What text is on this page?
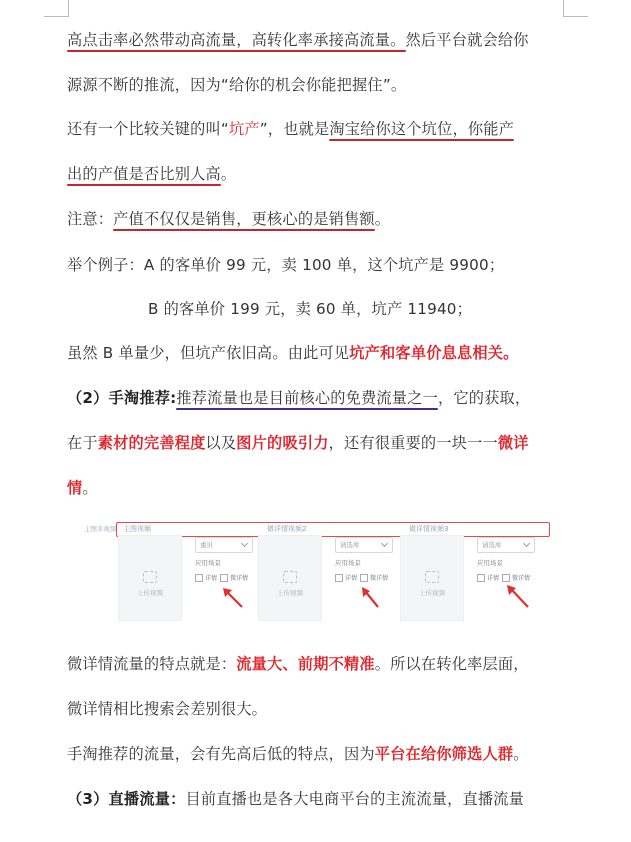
高点击率必然带动高流量，高转化率承接高流量。然后平台就会给你
源源不断的推流，因为“给你的机会你能把握住”。
还有一个比较关键的叫“坑产”，也就是淘宝给你这个坑位，你能产
出的产值是否比别人高。
注意：产值不仅仅是销售，更核心的是销售额。
举个例子：A 的客单价 99 元，卖 100 单，这个坑产是 9900；
B 的客单价 199 元，卖 60 单，坑产 11940；
虽然 B 单量少，但坑产依旧高。由此可见坑产和客单价息息相关。
（2）手淘推荐:推荐流量也是目前核心的免费流量之一，它的获取，
在于素材的完善程度以及图片的吸引力，还有很重要的一块一一微详
情。
主图多视频 主图视频	微详情视频2	微详情视频3
上传视频
重贝
应用场景
详情 微详情
上传视频
请选库
应用场景
详情 微详情
上传视频
请选库
应用场景
详情 微详情
微详情流量的特点就是：流量大、前期不精准。所以在转化率层面，
微详情相比搜索会差别很大。
手淘推荐的流量，会有先高后低的特点，因为平台在给你筛选人群。
（3）直播流量：目前直播也是各大电商平台的主流流量，直播流量
